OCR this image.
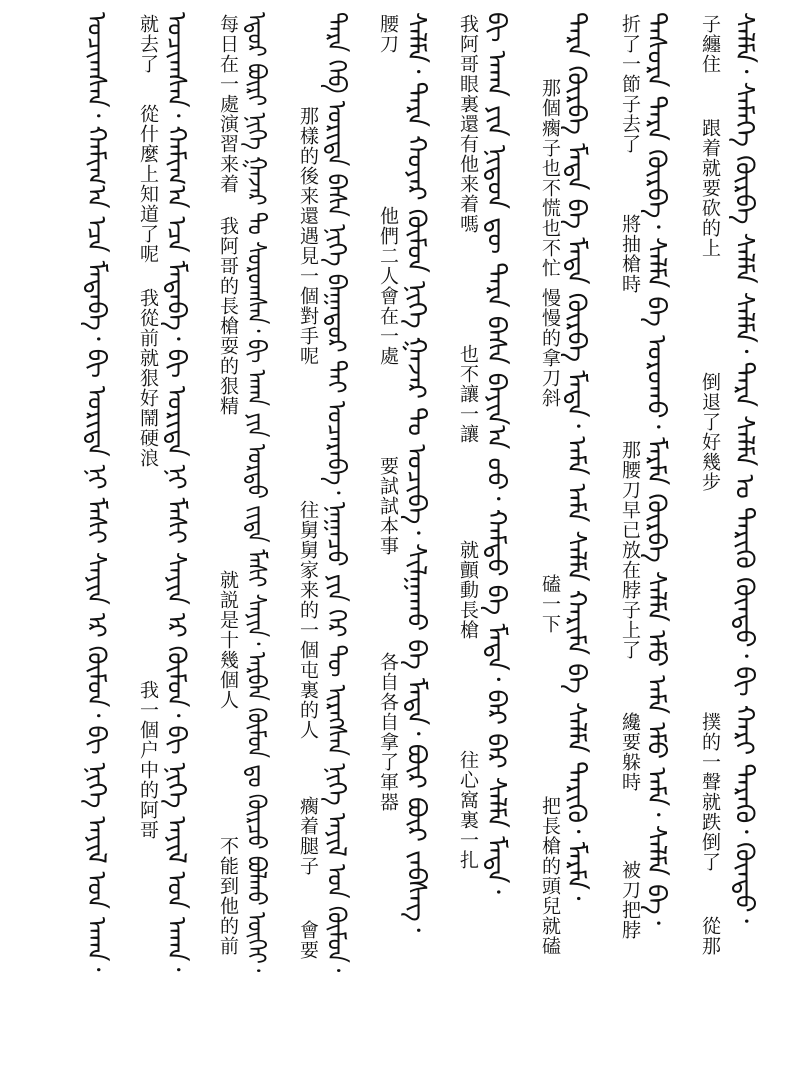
ᠰᠡᠯᠮᠡ᠂ ᠰᠡᠮᠡᠭᠡ ᠬᠦᠷᠪᠡ ᠰᠡᠯᠮᠡ ᠰᠡᠯᠮᠡ᠂ ᠲᠡᠷᠡ ᠰᠡᠯᠮᠡ ᠣ ᠲᠡᠷᠢᠭᠦ ᠬᠦᠨᠳᠦ᠂ ᠪᠢ ᠬᠠᠷᠢ ᠲᠡᠷᠡᠭᠦ᠂ ᠬᠦᠨᠳᠦ᠂
子纏住
跟着就要砍的上
倒退了好幾步
撲的一聲就跌倒了
從那
ᠲᠡᠰᠦᠷᠡ ᠲᠡᠷᠡ ᠬᠦᠷᠪᠡ᠂ ᠰᠡᠯᠮᠡ ᠪᠡ ᠣᠷᠣᠬᠤ᠂ ᠮᠠᠷᠮᠠ ᠬᠦᠷᠪᠡ ᠰᠡᠯᠮᠡ ᠡᠮᠦ ᠠᠮᠠ ᠡᠮᠦ ᠠᠮᠠ᠂ ᠰᠡᠯᠮᠡ ᠪᠠ᠂
折了一節子去了
將抽槍時
那腰刀早已放在脖子上了
纔要躲時
被刀把脖
ᠲᠡᠷᠡ ᠬᠦᠷᠪᠡ ᠮᠡᠳᠡ ᠪᠠ ᠮᠡᠳᠡ ᠬᠦᠷᠪᠡ ᠮᠡᠳᠡ᠂ ᠠᠮᠠ ᠠᠮᠠ ᠰᠡᠯᠮᠡ ᠬᠠᠷᠢᠮᠠ ᠪᠠ ᠰᠡᠯᠮᠡ ᠲᠡᠷᠢᠭᠦ᠂ ᠮᠠᠷᠮᠠ᠂
那個瘸子也不慌也不忙
慢慢的拿刀斜
磕一下
把長槍的頭兒就磕
ᠪᠢ ᠠᠬᠠ ᠶᠢᠨ ᠨᠢᠳᠦᠨ ᠳᠦ ᠲᠡᠷᠡ ᠪᠠᠰᠠ ᠪᠠᠶᠢᠨ᠎ᠠ ᠤᠤ᠂ ᠬᠠᠮᠲᠤ ᠪᠠ ᠮᠡᠳᠡ᠂ ᠪᠡᠷ ᠪᠡᠷ ᠰᠡᠯᠮᠡ ᠮᠡᠳᠡ᠂
我阿哥眼裏還有他来着嗎
也不讓一讓
就顫動長槍
往心窩裏一扎
ᠰᠡᠯᠮᠡ᠂ ᠲᠡᠷᠡ ᠬᠣᠶᠠᠷ ᠬᠦᠮᠦᠨ ᠨᠢᠭᠡ ᠭᠠᠵᠠᠷ ᠲᠤ ᠣᠴᠢᠪᠠ᠂ ᠰᠢᠯᠭᠠᠬᠤ ᠪᠠ ᠮᠡᠳᠡ᠂ ᠪᠦᠷ ᠪᠦᠷ ᠵᠡᠪᠰᠡᠭ᠂
腰刀
他們二人會在一處
要試試本事
各自各自拿了軍器
ᠲᠡᠷᠡ ᠬᠡᠪ ᠤᠷᠢᠳᠠ ᠪᠠᠰᠠ ᠨᠢᠭᠡ ᠪᠠᠭᠠᠲᠤᠷ ᠲᠡᠶ ᠤᠴᠠᠷᠠᠪᠠ᠂ ᠨᠠᠭᠠᠴᠤ ᠶᠢᠨ ᠭᠡᠷ ᠲᠦ ᠢᠷᠡᠭᠰᠡᠨ ᠨᠢᠭᠡ ᠠᠶᠢᠯ ᠤᠨ ᠬᠦᠮᠦᠨ᠂
那樣的後来還遇見一個對手呢
往舅舅家来的一個屯裏的人
瘸着腿子
會要
ᠡᠳᠦᠷ ᠪᠦᠷᠢ ᠨᠢᠭᠡ ᠭᠠᠵᠠᠷ ᠲᠤ ᠰᠤᠷᠤᠭᠰᠠᠨ᠂ ᠪᠢ ᠠᠬᠠ ᠶᠢᠨ ᠤᠷᠲᠤ ᠵᠢᠳᠠ ᠮᠠᠰᠢ ᠰᠠᠶᠢᠨ᠂ ᠠᠷᠪᠠᠨ ᠬᠦᠮᠦᠨ ᠳᠤ ᠬᠦᠷᠴᠦ ᠪᠣᠯᠬᠤ ᠦᠭᠡᠢ᠂
每日在一處演習来着
我阿哥的長槍耍的狠精
就説是十幾個人
不能到他的前
ᠣᠴᠢᠭᠰᠠᠨ᠂ ᠬᠠᠮᠢᠭ᠎ᠠ ᠡᠴᠡ ᠮᠡᠳᠡᠪᠡ᠂ ᠪᠢ ᠤᠷᠢᠳᠠ ᠨᠢ ᠮᠠᠰᠢ ᠰᠠᠶᠢᠨ ᠡᠷ ᠬᠦᠮᠦᠨ᠂ ᠪᠢ ᠨᠢᠭᠡ ᠠᠶᠢᠯ ᠤᠨ ᠠᠬᠠ᠂
就去了
從什麼上知道了呢
我從前就狠好鬧硬浪
我一個户中的阿哥
ᠣᠴᠢᠭᠰᠠᠨ᠂ ᠬᠠᠮᠢᠭ᠎ᠠ ᠡᠴᠡ ᠮᠡᠳᠡᠪᠡ᠂ ᠪᠢ ᠤᠷᠢᠳᠠ ᠨᠢ ᠮᠠᠰᠢ ᠰᠠᠶᠢᠨ ᠡᠷ ᠬᠦᠮᠦᠨ᠂ ᠪᠢ ᠨᠢᠭᠡ ᠠᠶᠢᠯ ᠤᠨ ᠠᠬᠠ᠂
